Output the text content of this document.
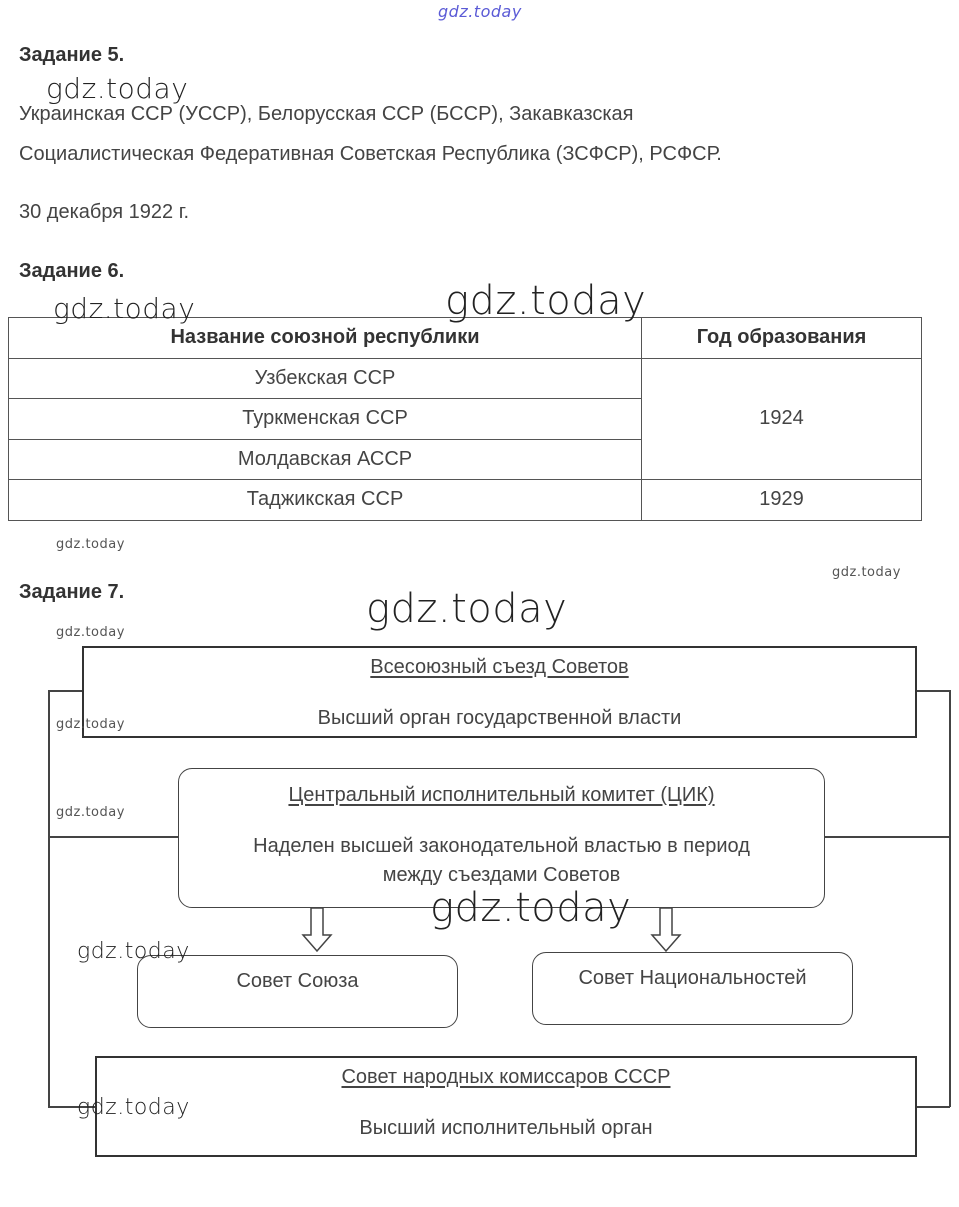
gdz.today
Задание 5.
Украинская ССР (УССР), Белорусская ССР (БССР), Закавказская
Социалистическая Федеративная Советская Республика (ЗСФСР), РСФСР.
30 декабря 1922 г.
gdz.today
Задание 6.
Название союзной республики	Год образования
Узбекская ССР	1924
Туркменская ССР	
Молдавская АССР	
Таджикская ССР	1929
gdz.today	gdz.today
gdz.today
gdz.today
Задание 7.	gdz.today
gdz.today
Всесоюзный съезд Советов
Высший орган государственной власти
gdz.today
gdz.today
Центральный исполнительный комитет (ЦИК)
Наделен высшей законодательной властью в период
между съездами Советов
gdz.today
Совет Союза	Совет Национальностей
gdz.today
Совет народных комиссаров СССР
Высший исполнительный орган
gdz.today
